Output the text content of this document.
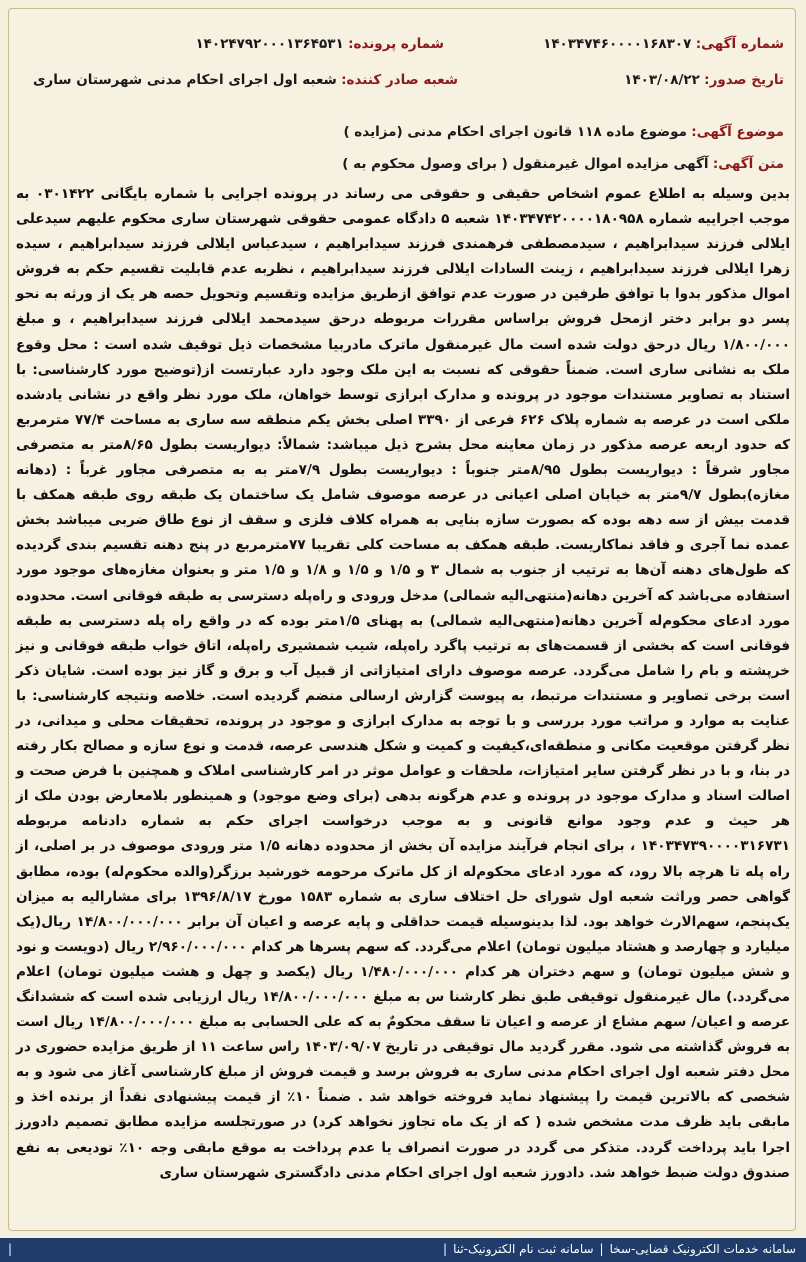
شماره آگهی: ۱۴۰۳۴۷۴۶۰۰۰۰۱۶۸۳۰۷
شماره پرونده: ۱۴۰۲۴۷۹۲۰۰۰۱۳۶۴۵۳۱
تاریخ صدور: ۱۴۰۳/۰۸/۲۲
شعبه صادر کننده: شعبه اول اجرای احکام مدنی شهرستان ساری
موضوع آگهی: موضوع ماده ۱۱۸ قانون اجرای احکام مدنی (مزایده )
متن آگهی: آگهی مزایده اموال غیرمنقول ( برای وصول محکوم به )
بدین وسیله به اطلاع عموم اشخاص حقیقی و حقوقی می رساند در پرونده اجرایی با شماره بایگانی ۰۳۰۱۴۲۲ به موجب اجراییه شماره ۱۴۰۳۴۷۴۲۰۰۰۰۱۸۰۹۵۸ شعبه ۵ دادگاه عمومی حقوقی شهرستان ساری محکوم علیهم سیدعلی ایلالی فرزند سیدابراهیم ، سیدمصطفی فرهمندی فرزند سیدابراهیم ، سیدعباس ایلالی فرزند سیدابراهیم ، سیده زهرا ایلالی فرزند سیدابراهیم ، زینت السادات ایلالی فرزند سیدابراهیم ، نظربه عدم قابلیت تقسیم حکم به فروش اموال مذکور بدوا با توافق طرفین در صورت عدم توافق ازطریق مزایده وتقسیم وتحویل حصه هر یک از ورثه به نحو پسر دو برابر دختر ازمحل فروش براساس مقررات مربوطه درحق سیدمحمد ایلالی فرزند سیدابراهیم ، و مبلغ ۱/۸۰۰/۰۰۰ ریال درحق دولت شده است مال غیرمنقول ماترک مادربیا مشخصات ذیل توقیف شده است : محل وقوع ملک به نشانی ساری است. ضمناً حقوقی که نسبت به این ملک وجود دارد عبارتست از(توضیح مورد کارشناسی: با استناد به تصاویر مستندات موجود در پرونده و مدارک ابرازی توسط خواهان، ملک مورد نظر واقع در نشانی یادشده ملکی است در عرصه به شماره پلاک ۶۲۶ فرعی از ۳۳۹۰ اصلی بخش یکم منطقه سه ساری به مساحت ۷۷/۴ مترمربع که حدود اربعه عرصه مذکور در زمان معاینه محل بشرح ذیل میباشد: شمالاً: دیواریست بطول ۸/۶۵متر به متصرفی مجاور شرقاً : دیواریست بطول ۸/۹۵متر جنوباً : دیواریست بطول ۷/۹متر به به متصرفی مجاور غرباً : (دهانه مغازه)بطول ۹/۷متر به خیابان اصلی اعیانی در عرصه موصوف شامل یک ساختمان یک طبقه روی طبقه همکف با قدمت بیش از سه دهه بوده که بصورت سازه بنایی به همراه کلاف فلزی و سقف از نوع طاق ضربی میباشد بخش عمده نما آجری و فاقد نماکاریست. طبقه همکف به مساحت کلی تقریبا ۷۷مترمربع در پنج دهنه تقسیم بندی گردیده که طول‌های دهنه آن‌ها به ترتیب از جنوب به شمال ۳ و ۱/۵ و ۱/۵ و ۱/۸ و ۱/۵ متر و بعنوان مغازه‌های موجود مورد استفاده می‌باشد که آخرین دهانه(منتهی‌الیه شمالی) مدخل ورودی و راه‌پله دسترسی به طبقه فوقانی است. محدوده مورد ادعای محکوم‌له آخرین دهانه(منتهی‌الیه شمالی) به پهنای ۱/۵متر بوده که در واقع راه پله دسترسی به طبقه فوقانی است که بخشی از قسمت‌های به ترتیب پاگرد راه‌پله، شیب شمشیری راه‌پله، اتاق خواب طبقه فوقانی و نیز خرپشته و بام را شامل می‌گردد. عرصه موصوف دارای امتیازاتی از قبیل آب و برق و گاز نیز بوده است. شایان ذکر است برخی تصاویر و مستندات مرتبط، به پیوست گزارش ارسالی منضم گردیده است. خلاصه ونتیجه کارشناسی: با عنایت به موارد و مراتب مورد بررسی و با توجه به مدارک ابرازی و موجود در پرونده، تحقیقات محلی و میدانی، در نظر گرفتن موقعیت مکانی و منطقه‌ای،کیفیت و کمیت و شکل هندسی عرصه، قدمت و نوع سازه و مصالح بکار رفته در بنا، و با در نظر گرفتن سایر امتیازات، ملحقات و عوامل موثر در امر کارشناسی املاک و همچنین با فرض صحت و اصالت اسناد و مدارک موجود در پرونده و عدم هرگونه بدهی (برای وضع موجود) و همینطور بلامعارض بودن ملک از هر حیث و عدم وجود موانع قانونی و به موجب درخواست اجرای حکم به شماره دادنامه مربوطه ۱۴۰۳۴۷۳۹۰۰۰۰۳۱۶۷۳۱ ، برای انجام فرآیند مزایده آن بخش از محدوده دهانه ۱/۵ متر ورودی موصوف در بر اصلی، از راه پله تا هرچه بالا رود، که مورد ادعای محکوم‌له از کل ماترک مرحومه خورشید برزگر(والده محکوم‌له) بوده، مطابق گواهی حصر وراثت شعبه اول شورای حل اختلاف ساری به شماره ۱۵۸۳ مورخ ۱۳۹۶/۸/۱۷ برای مشارالیه به میزان یک‌پنجم، سهم‌الارث خواهد بود. لذا بدینوسیله قیمت حداقلی و پایه عرصه و اعیان آن برابر ۱۴/۸۰۰/۰۰۰/۰۰۰ ریال(یک میلیارد و چهارصد و هشتاد میلیون تومان) اعلام می‌گردد. که سهم پسرها هر کدام ۲/۹۶۰/۰۰۰/۰۰۰ ریال (دویست و نود و شش میلیون تومان) و سهم دختران هر کدام ۱/۴۸۰/۰۰۰/۰۰۰ ریال (یکصد و چهل و هشت میلیون تومان) اعلام می‌گردد.) مال غیرمنقول توقیفی طبق نظر کارشنا س به مبلغ ۱۴/۸۰۰/۰۰۰/۰۰۰ ریال ارزیابی شده است که ششدانگ عرصه و اعیان/ سهم مشاع از عرصه و اعیان تا سقف محکومٌ به که علی الحسابی به مبلغ ۱۴/۸۰۰/۰۰۰/۰۰۰ ریال است به فروش گذاشته می شود. مقرر گردید مال توقیفی در تاریخ ۱۴۰۳/۰۹/۰۷ راس ساعت ۱۱ از طریق مزایده حضوری در محل دفتر شعبه اول اجرای احکام مدنی ساری به فروش برسد و قیمت فروش از مبلغ کارشناسی آغاز می شود و به شخصی که بالاترین قیمت را پیشنهاد نماید فروخته خواهد شد . ضمناً ۱۰٪ از قیمت پیشنهادی نقداً از برنده اخذ و مابقی باید ظرف مدت مشخص شده ( که از یک ماه تجاوز نخواهد کرد) در صورتجلسه مزایده مطابق تصمیم دادورز اجرا باید پرداخت گردد. متذکر می گردد در صورت انصراف یا عدم پرداخت به موقع مابقی وجه ۱۰٪ تودیعی به نفع صندوق دولت ضبط خواهد شد. دادورز شعبه اول اجرای احکام مدنی دادگستری شهرستان ساری
سامانه خدمات الکترونیک قضایی-سخا
|
سامانه ثبت نام الکترونیک-ثنا
|
|
